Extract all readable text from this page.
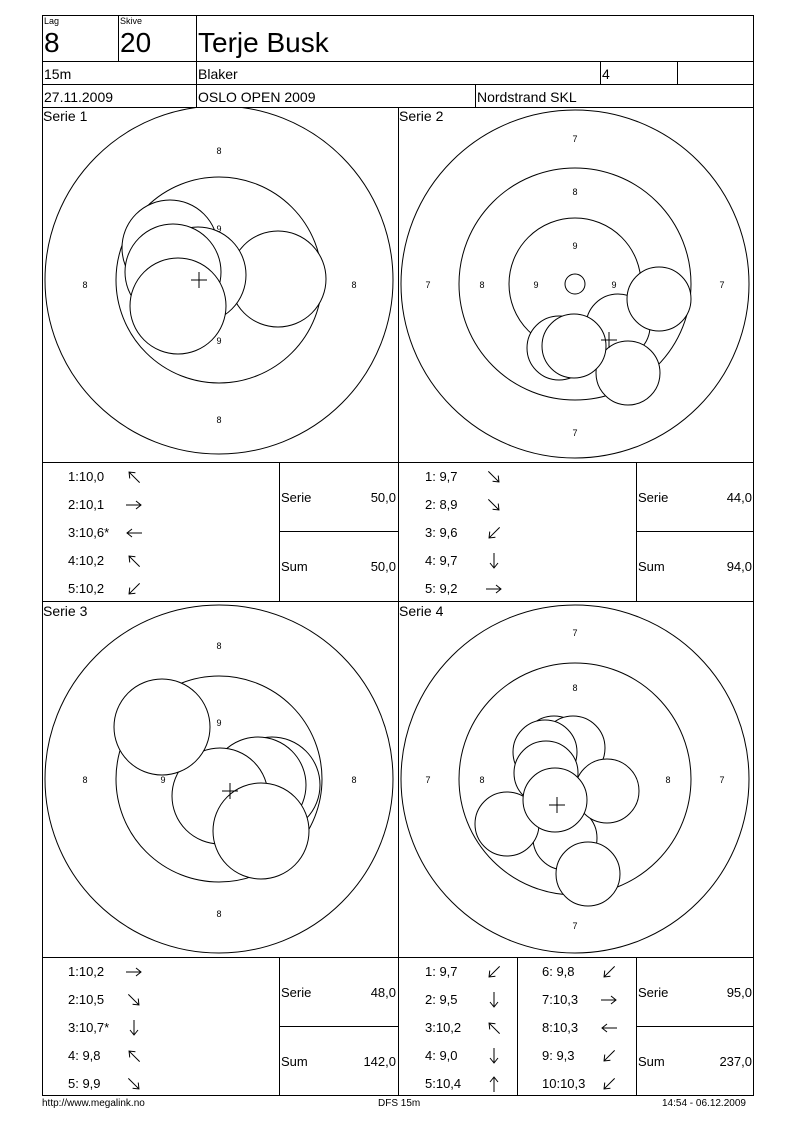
Lag
8
Skive
20 Terje Busk
15m	Blaker	4
27.11.2009	OSLO OPEN 2009	Nordstrand SKL
Serie 1	Serie 2
Serie 3	Serie 4
8
8
8	8
9
9
7
7
7	7
8
8
9
9	9
8
8
8	8
9
9
7
7
7	7
8
8	8
1:10,0
2:10,1
3:10,6*
4:10,2
5:10,2
Serie	50,0
Sum	50,0
1: 9,7
2: 8,9
3: 9,6
4: 9,7
5: 9,2
Serie	44,0
Sum	94,0
1:10,2
2:10,5
3:10,7*
4: 9,8
5: 9,9
Serie	48,0
Sum	142,0
1: 9,7
2: 9,5
3:10,2
4: 9,0
5:10,4
6: 9,8
7:10,3
8:10,3
9: 9,3
10:10,3
Serie	95,0
Sum	237,0
http://www.megalink.no	DFS 15m	14:54 - 06.12.2009
